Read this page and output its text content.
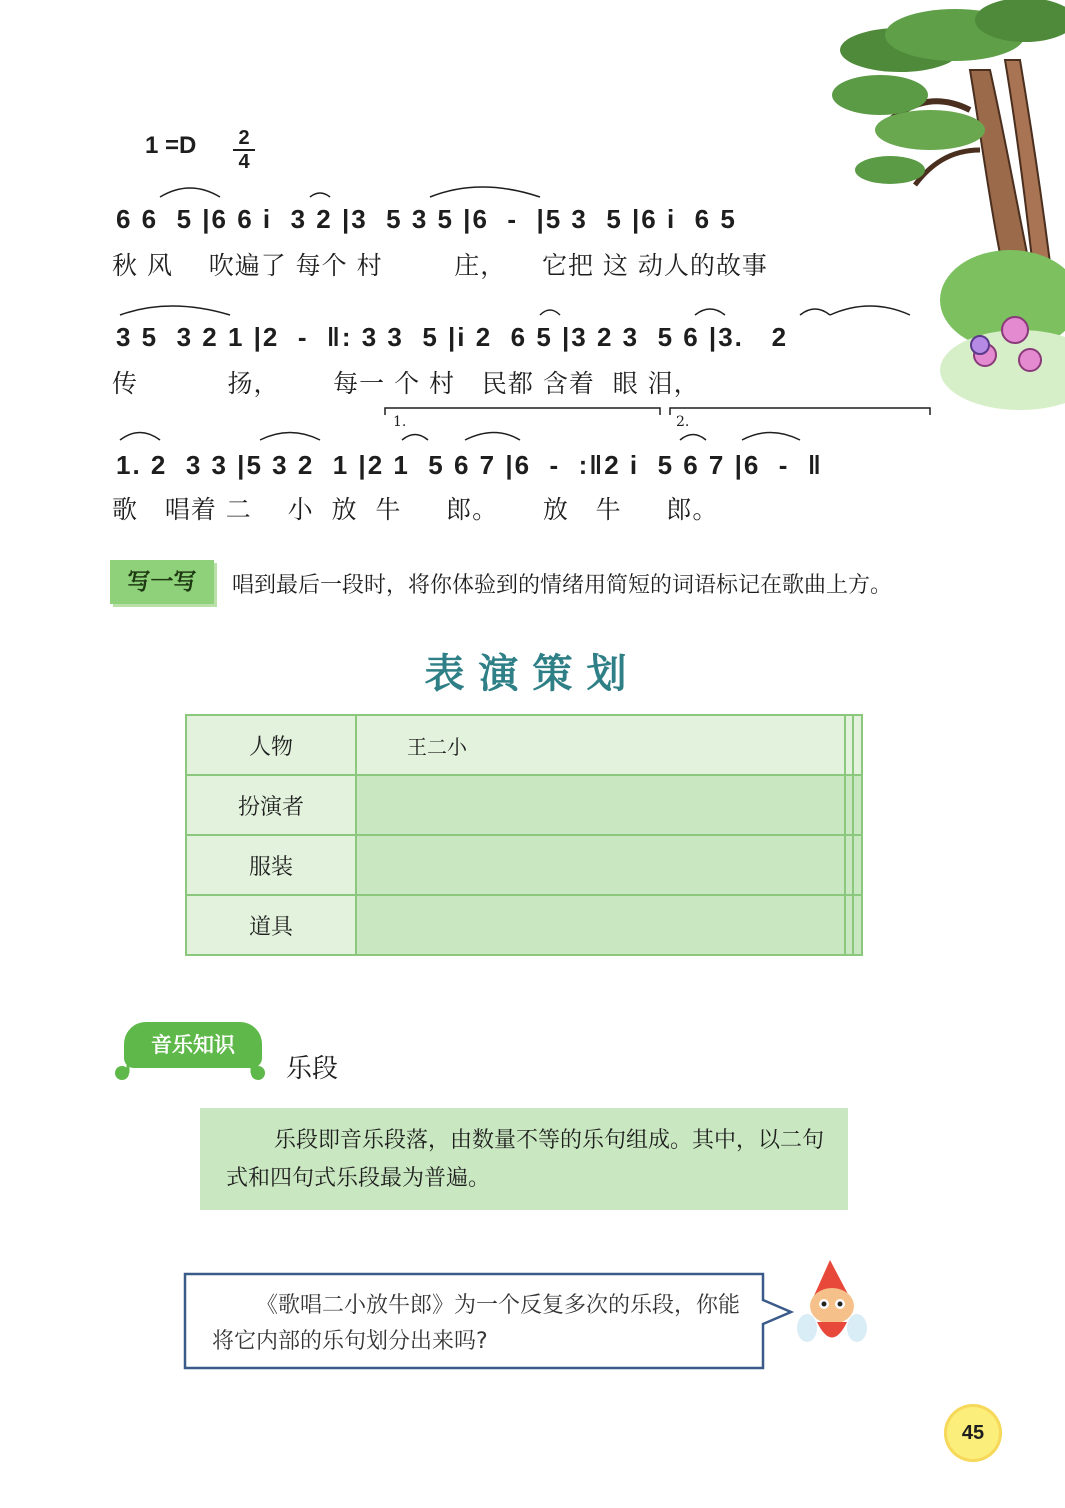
1 =D 2
4
6 6  5 |6 6 i  3 2 |3  5 3 5 |6  -  |5 3  5 |6 i  6 5
秋 风    吹遍了 每个 村        庄，    它把 这 动人的故事
3 5  3 2 1 |2  -  ‖: 3 3  5 |i 2  6 5 |3 2 3  5 6 |3.   2
传          扬，      每一 个 村   民都 含着  眼 泪，
1.	2.
1. 2  3 3 |5 3 2  1 |2 1  5 6 7 |6  -  :‖2 i  5 6 7 |6  -  ‖
歌   唱着 二    小  放  牛     郎。     放   牛     郎。
写一写	唱到最后一段时，将你体验到的情绪用简短的词语标记在歌曲上方。
表演策划
人物	王二小		
扮演者			
服装			
道具			
音乐知识
乐段
乐段即音乐段落，由数量不等的乐句组成。其中，以二句式和四句式乐段最为普遍。
《歌唱二小放牛郎》为一个反复多次的乐段，你能将它内部的乐句划分出来吗?
45
